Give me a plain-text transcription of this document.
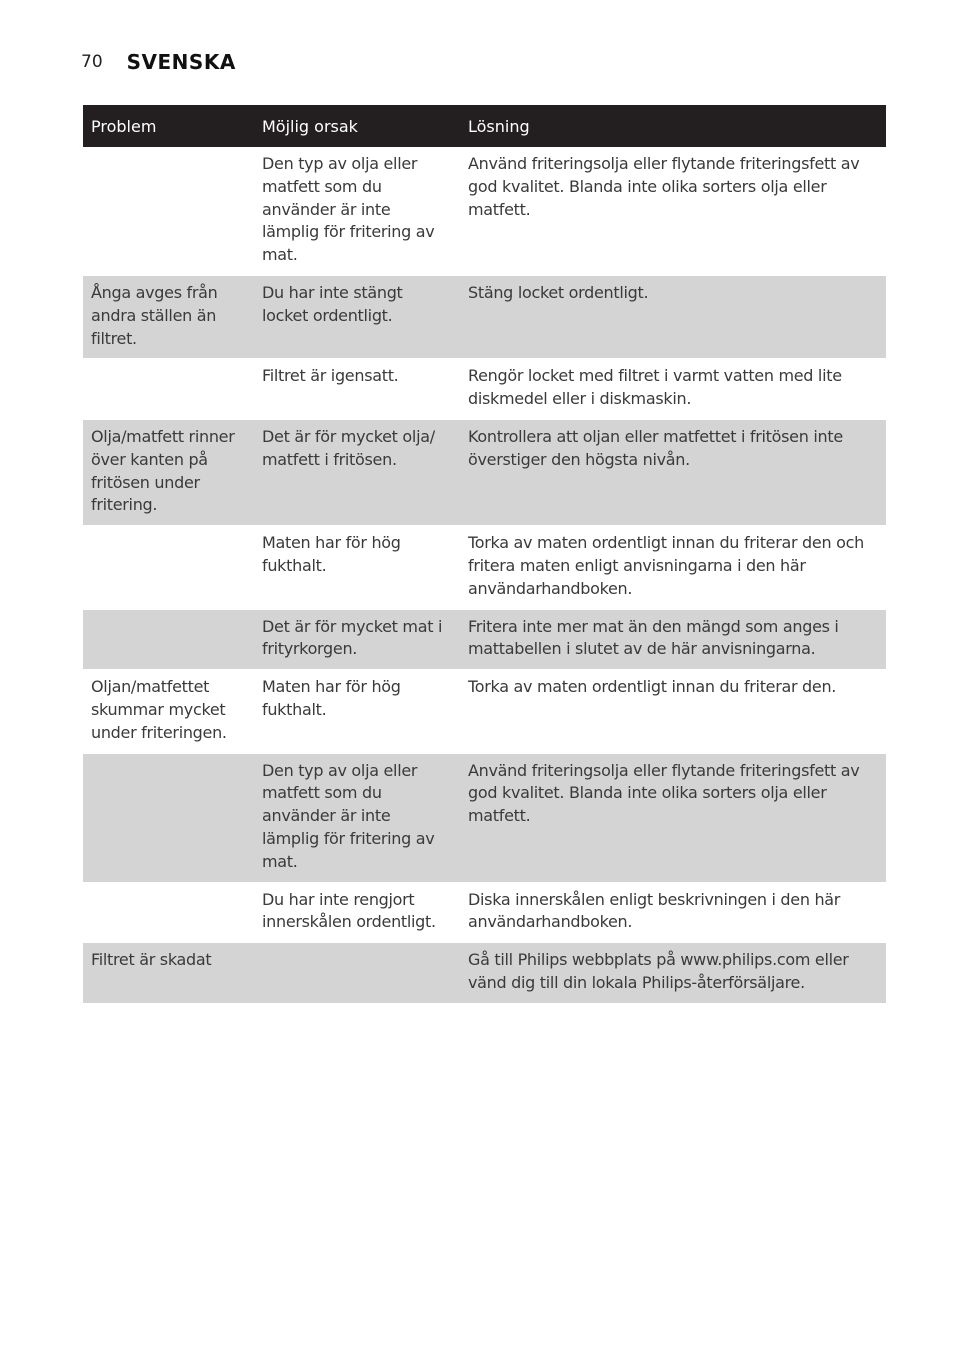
70 SVENSKA
Problem	Möjlig orsak	Lösning
	Den typ av olja eller matfett som du använder är inte lämplig för fritering av mat.	Använd friteringsolja eller flytande friteringsfett av god kvalitet. Blanda inte olika sorters olja eller matfett.
Ånga avges från andra ställen än filtret.	Du har inte stängt locket ordentligt.	Stäng locket ordentligt.
	Filtret är igensatt.	Rengör locket med filtret i varmt vatten med lite diskmedel eller i diskmaskin.
Olja/matfett rinner över kanten på fritösen under fritering.	Det är för mycket olja/ matfett i fritösen.	Kontrollera att oljan eller matfettet i fritösen inte överstiger den högsta nivån.
	Maten har för hög fukthalt.	Torka av maten ordentligt innan du friterar den och fritera maten enligt anvisningarna i den här användarhandboken.
	Det är för mycket mat i frityrkorgen.	Fritera inte mer mat än den mängd som anges i mattabellen i slutet av de här anvisningarna.
Oljan/matfettet skummar mycket under friteringen.	Maten har för hög fukthalt.	Torka av maten ordentligt innan du friterar den.
	Den typ av olja eller matfett som du använder är inte lämplig för fritering av mat.	Använd friteringsolja eller flytande friteringsfett av god kvalitet. Blanda inte olika sorters olja eller matfett.
	Du har inte rengjort innerskålen ordentligt.	Diska innerskålen enligt beskrivningen i den här användarhandboken.
Filtret är skadat		Gå till Philips webbplats på www.philips.com eller vänd dig till din lokala Philips-återförsäljare.
